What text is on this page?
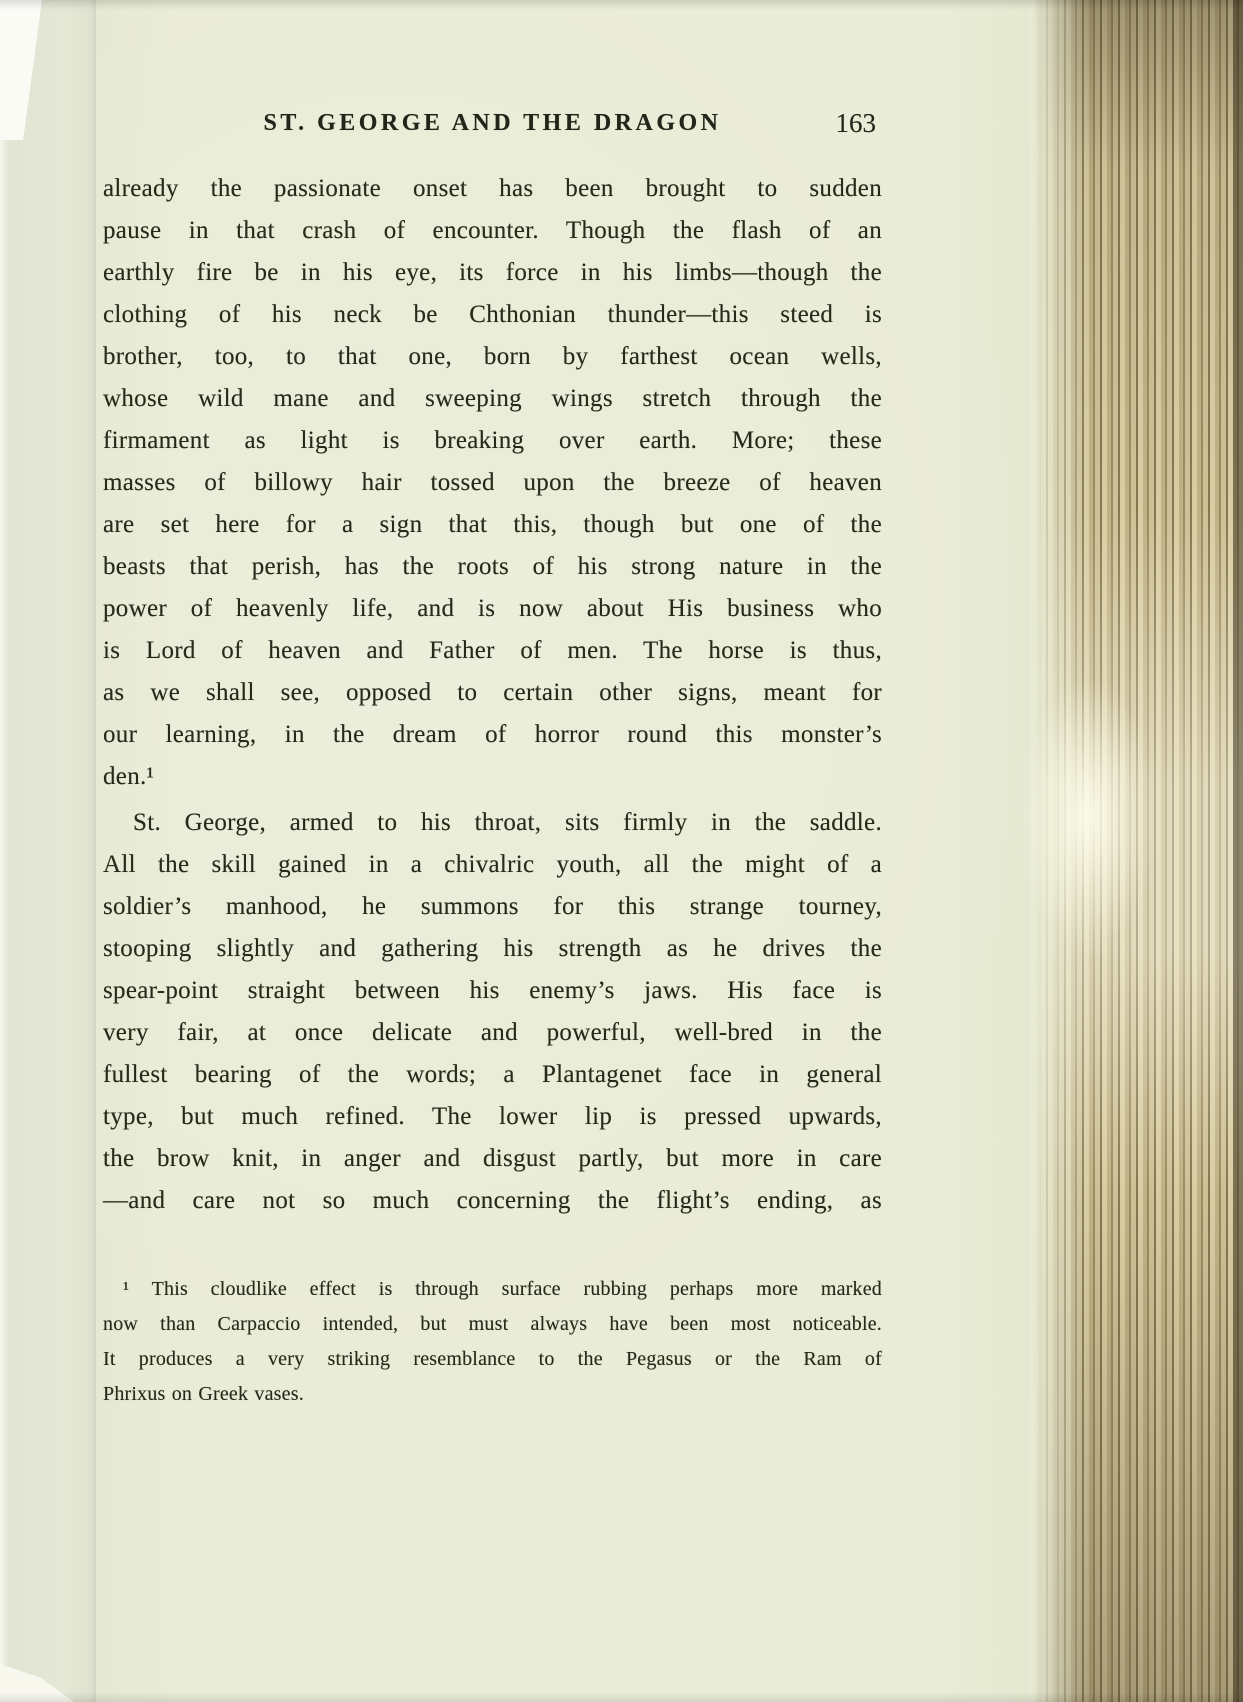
ST. GEORGE AND THE DRAGON	163
already the passionate onset has been brought to sudden
pause in that crash of encounter. Though the flash of an
earthly fire be in his eye, its force in his limbs—though the
clothing of his neck be Chthonian thunder—this steed is
brother, too, to that one, born by farthest ocean wells,
whose wild mane and sweeping wings stretch through the
firmament as light is breaking over earth. More; these
masses of billowy hair tossed upon the breeze of heaven
are set here for a sign that this, though but one of the
beasts that perish, has the roots of his strong nature in the
power of heavenly life, and is now about His business who
is Lord of heaven and Father of men. The horse is thus,
as we shall see, opposed to certain other signs, meant for
our learning, in the dream of horror round this monster’s
den.¹
St. George, armed to his throat, sits firmly in the saddle.
All the skill gained in a chivalric youth, all the might of a
soldier’s manhood, he summons for this strange tourney,
stooping slightly and gathering his strength as he drives the
spear-point straight between his enemy’s jaws. His face is
very fair, at once delicate and powerful, well-bred in the
fullest bearing of the words; a Plantagenet face in general
type, but much refined. The lower lip is pressed upwards,
the brow knit, in anger and disgust partly, but more in care
—and care not so much concerning the flight’s ending, as
¹ This cloudlike effect is through surface rubbing perhaps more marked
now than Carpaccio intended, but must always have been most noticeable.
It produces a very striking resemblance to the Pegasus or the Ram of
Phrixus on Greek vases.
